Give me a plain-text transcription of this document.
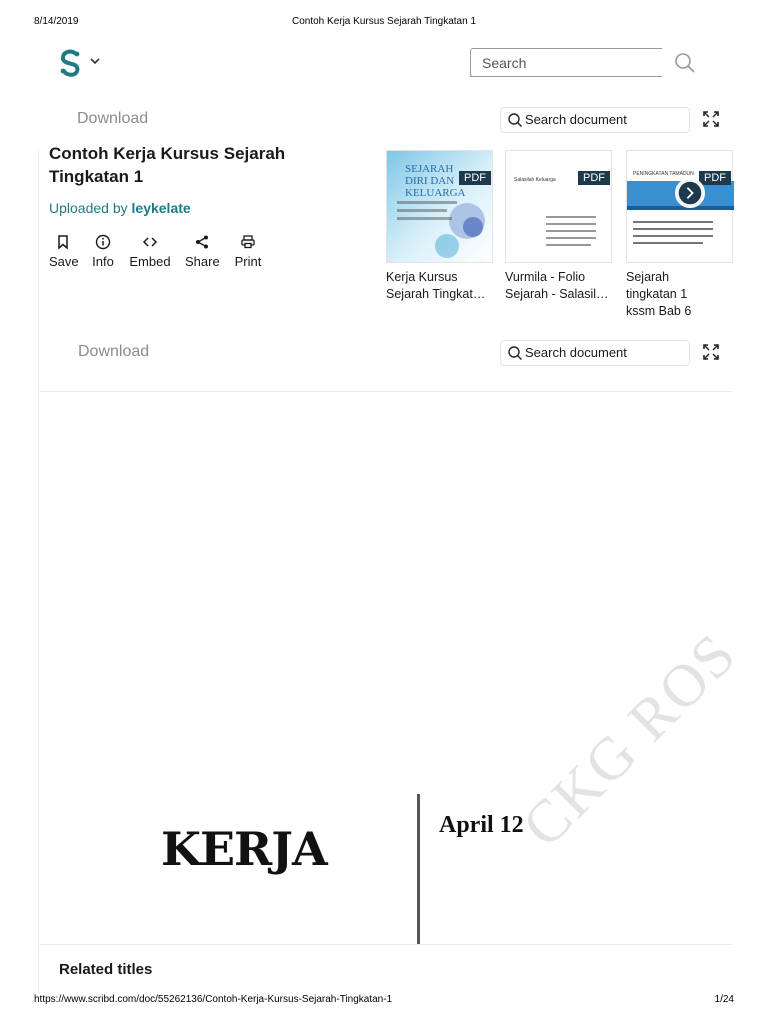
8/14/2019	Contoh Kerja Kursus Sejarah Tingkatan 1
Search
Download	Search document
Contoh Kerja Kursus Sejarah Tingkatan 1
Uploaded by leykelate
Save Info Embed Share Print
SEJARAH DIRI DAN KELUARGA
PDF
Kerja Kursus Sejarah Tingkat…
Salasilah Keluarga	PDF
Vurmila - Folio Sejarah - Salasil…
PENINGKATAN TAMADUN PDF
Sejarah tingkatan 1 kssm Bab 6
Download	Search document
CKG ROS
KERJA	April 12
Related titles
https://www.scribd.com/doc/55262136/Contoh-Kerja-Kursus-Sejarah-Tingkatan-1	1/24
